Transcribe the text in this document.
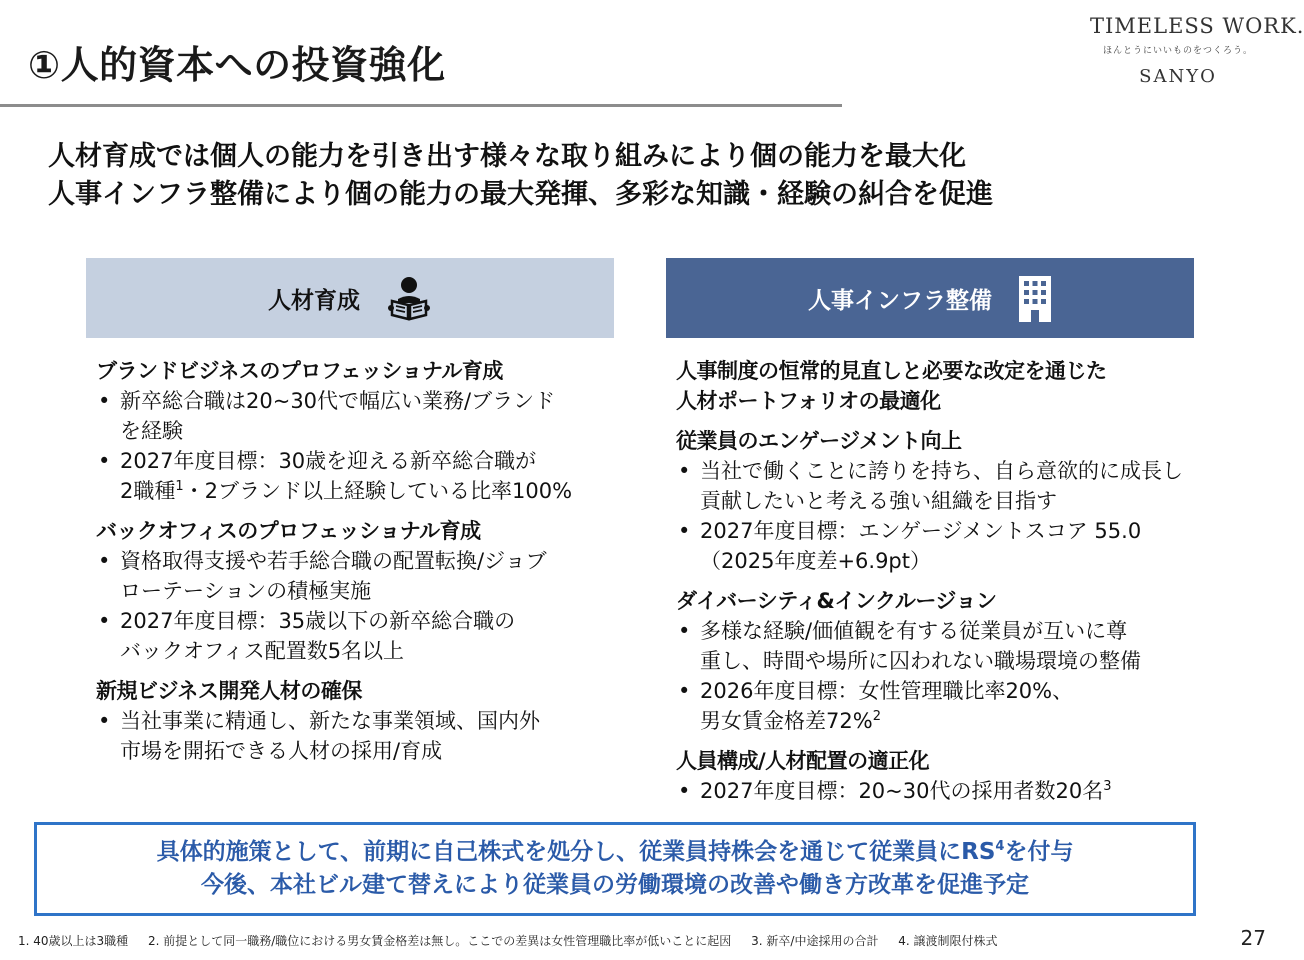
①人的資本への投資強化
TIMELESS WORK.
ほんとうにいいものをつくろう。
SANYO
人材育成では個人の能力を引き出す様々な取り組みにより個の能力を最大化
人事インフラ整備により個の能力の最大発揮、多彩な知識・経験の糾合を促進
人材育成	人事インフラ整備
ブランドビジネスのプロフェッショナル育成
• 新卒総合職は20~30代で幅広い業務/ブランド
を経験
• 2027年度目標：30歳を迎える新卒総合職が
2職種$^1$・2ブランド以上経験している比率100%
バックオフィスのプロフェッショナル育成
• 資格取得支援や若手総合職の配置転換/ジョブ
ローテーションの積極実施
• 2027年度目標：35歳以下の新卒総合職の
バックオフィス配置数5名以上
新規ビジネス開発人材の確保
• 当社事業に精通し、新たな事業領域、国内外
市場を開拓できる人材の採用/育成
人事制度の恒常的見直しと必要な改定を通じた
人材ポートフォリオの最適化
従業員のエンゲージメント向上
• 当社で働くことに誇りを持ち、自ら意欲的に成長し
貢献したいと考える強い組織を目指す
• 2027年度目標：エンゲージメントスコア 55.0
（2025年度差+6.9pt）
ダイバーシティ&インクルージョン
• 多様な経験/価値観を有する従業員が互いに尊
重し、時間や場所に囚われない職場環境の整備
• 2026年度目標：女性管理職比率20%、
男女賃金格差72%$^2$
人員構成/人材配置の適正化
• 2027年度目標：20~30代の採用者数20名$^3$
具体的施策として、前期に自己株式を処分し、従業員持株会を通じて従業員に$RS^4$を付与
今後、本社ビル建て替えにより従業員の労働環境の改善や働き方改革を促進予定
1. 40歳以上は3職種 2. 前提として同一職務/職位における男女賃金格差は無し。ここでの差異は女性管理職比率が低いことに起因 3. 新卒/中途採用の合計 4. 譲渡制限付株式	27
